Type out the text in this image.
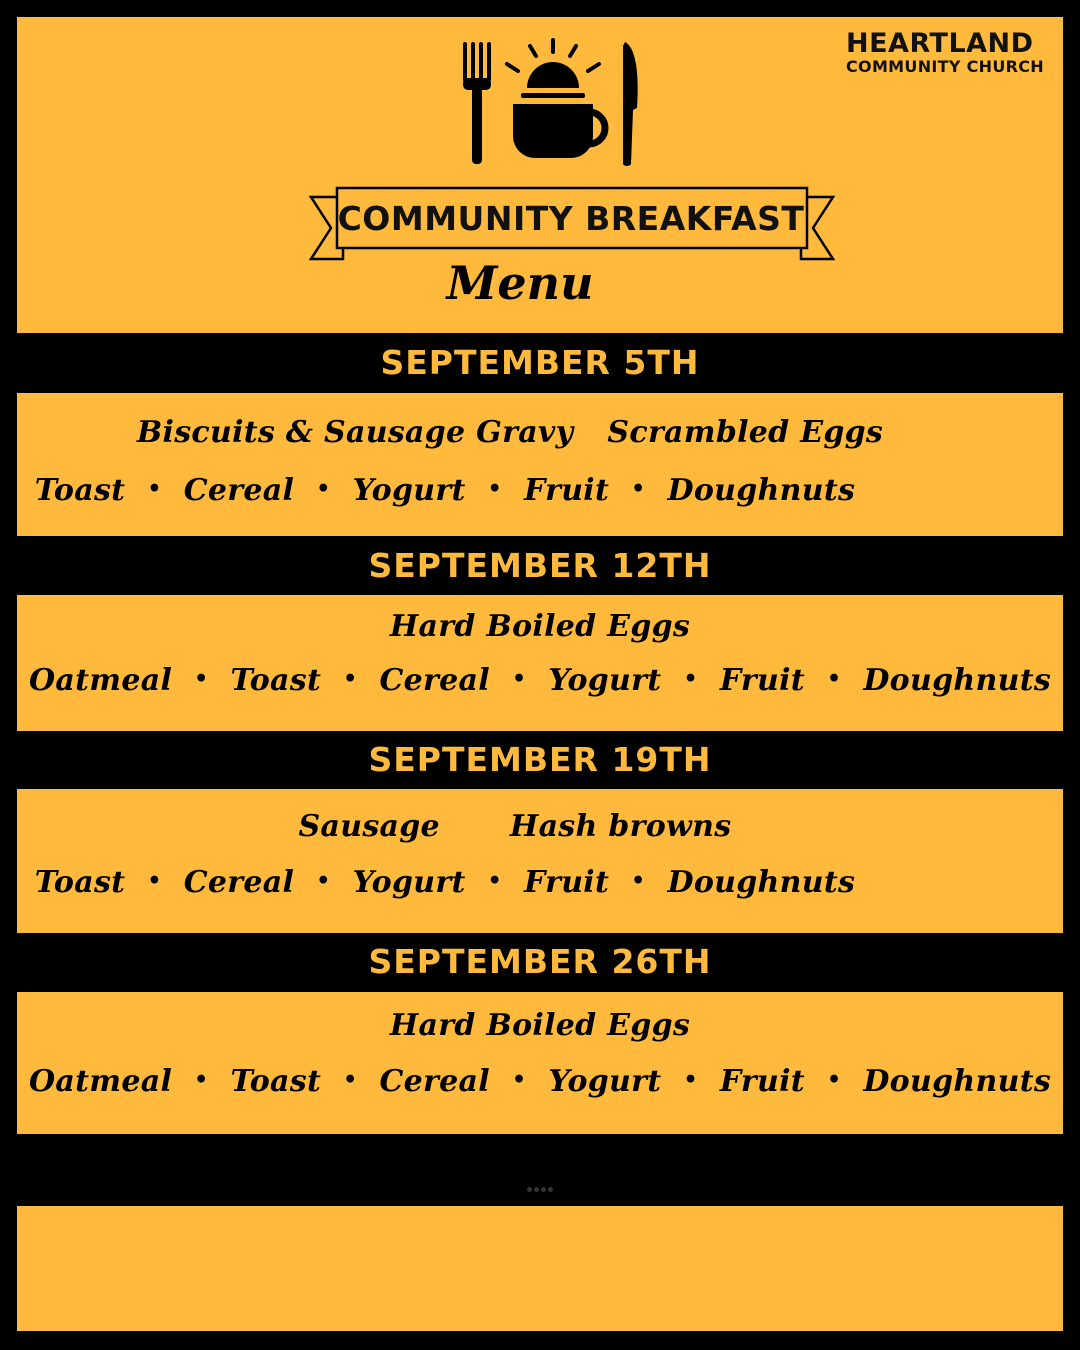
HEARTLAND
COMMUNITY CHURCH
COMMUNITY BREAKFAST
Menu
SEPTEMBER 5TH
Biscuits & Sausage Gravy Scrambled Eggs
Toast • Cereal • Yogurt • Fruit • Doughnuts
SEPTEMBER 12TH
Hard Boiled Eggs
Oatmeal • Toast • Cereal • Yogurt • Fruit • Doughnuts
SEPTEMBER 19TH
Sausage Hash browns
Toast • Cereal • Yogurt • Fruit • Doughnuts
SEPTEMBER 26TH
Hard Boiled Eggs
Oatmeal • Toast • Cereal • Yogurt • Fruit • Doughnuts
